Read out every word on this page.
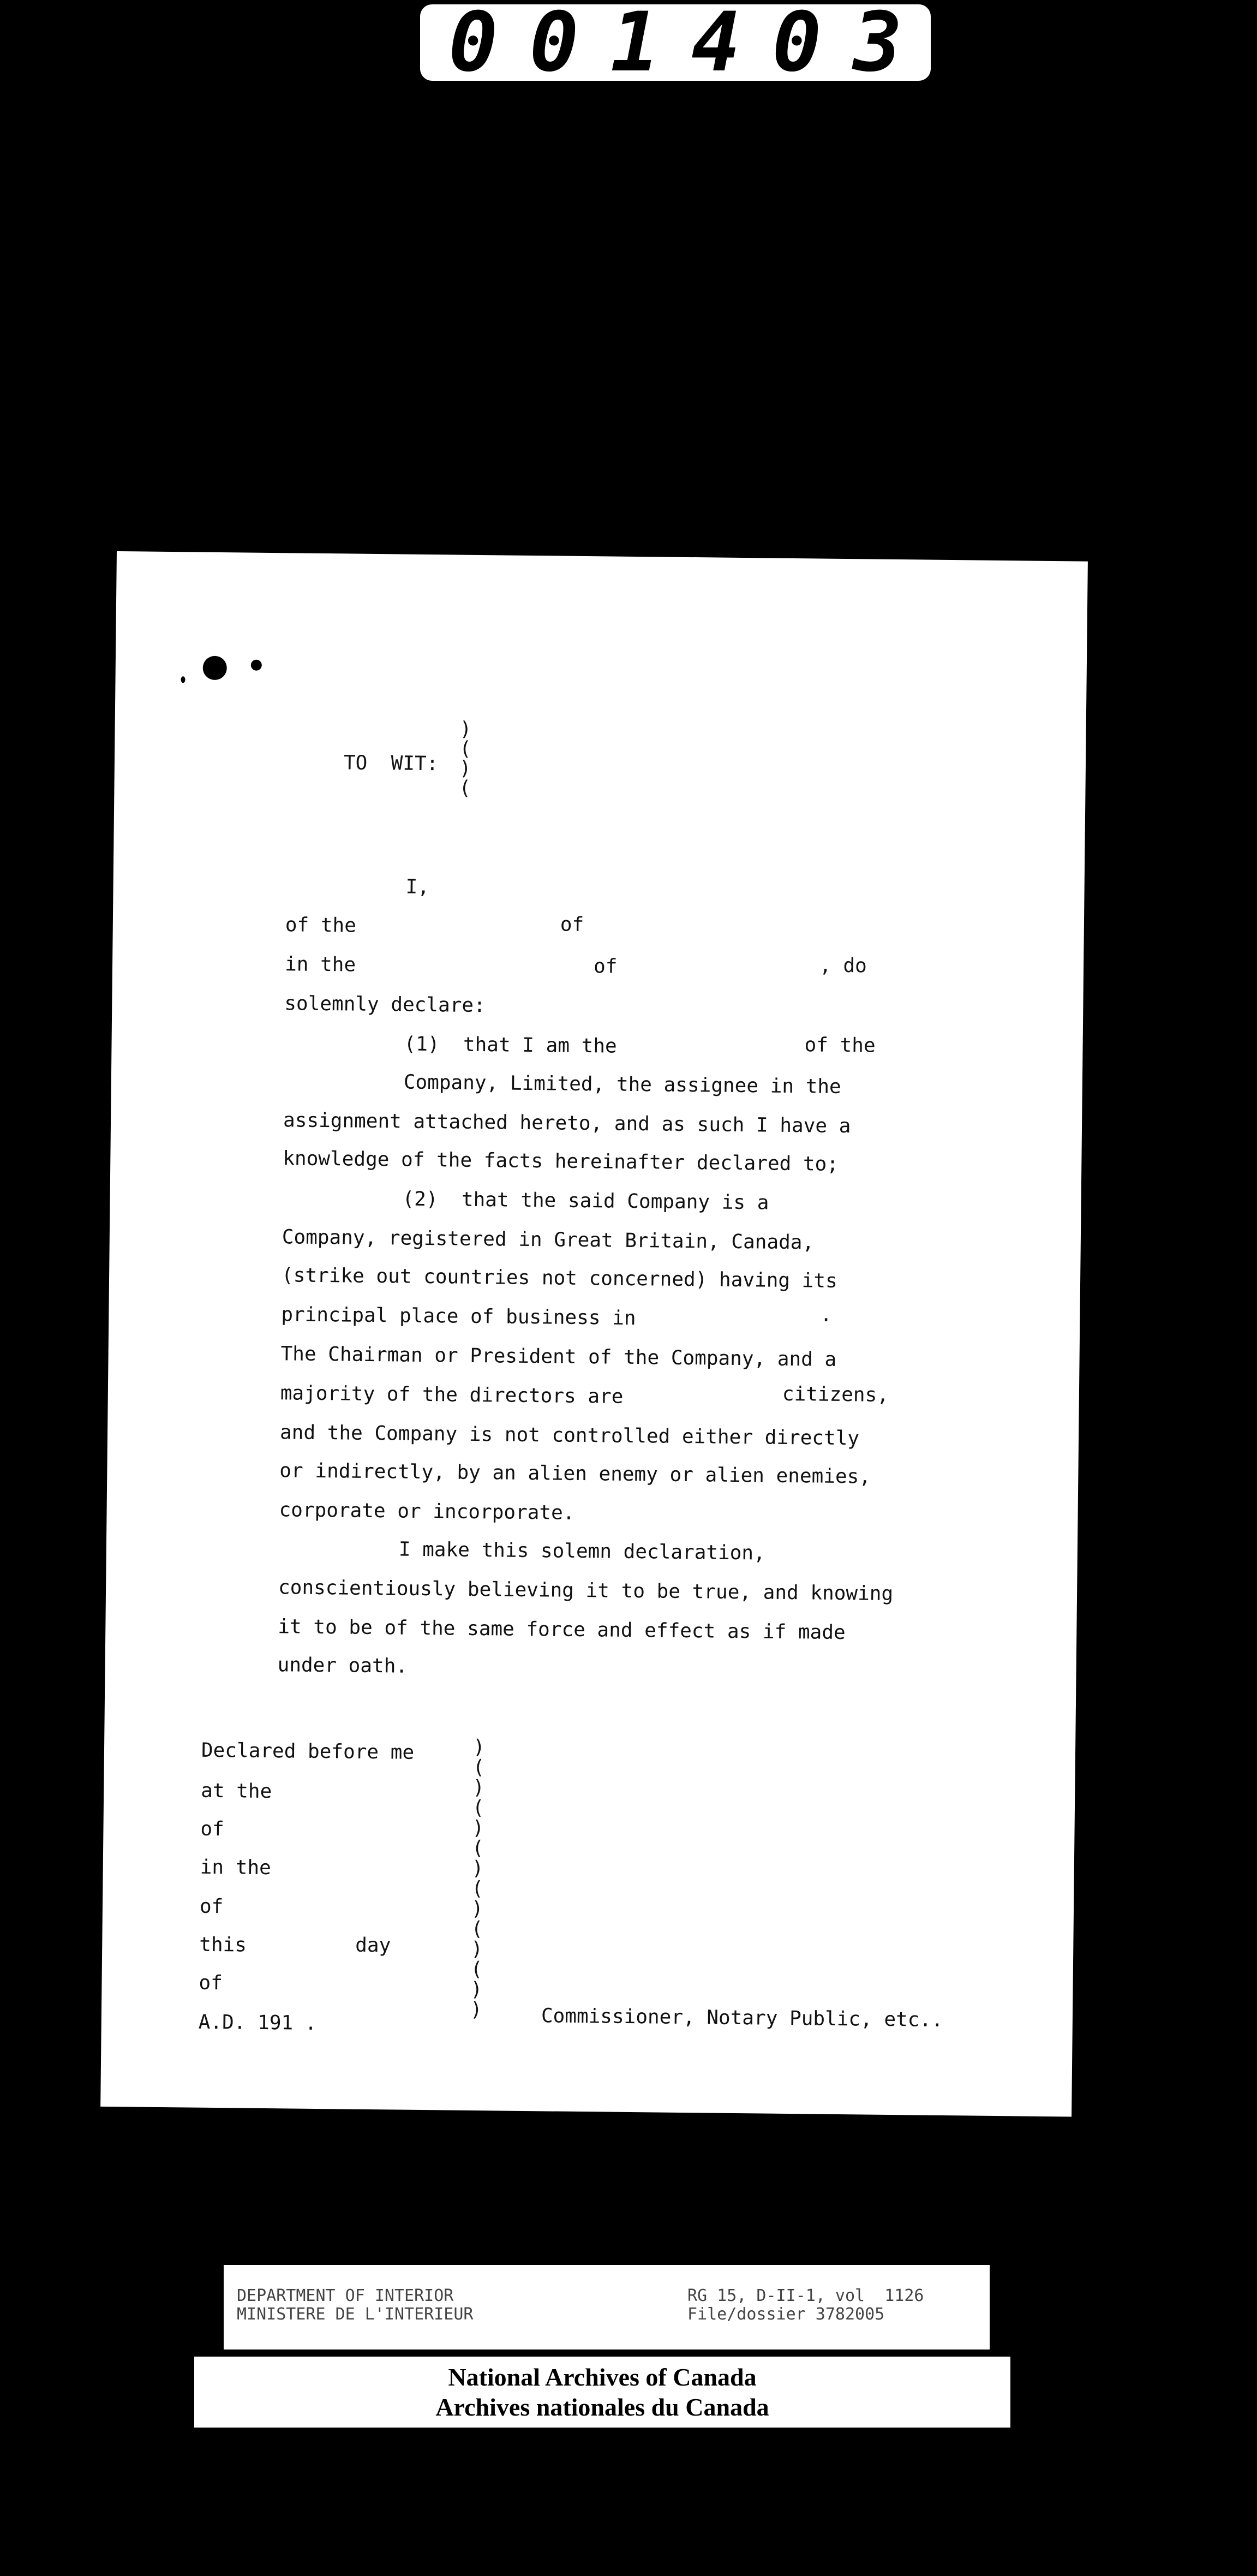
001403
TO  WIT:
)
(
)
(
I,
of the	of
in the	of	, do
solemnly declare:
(1)  that I am the	of the
Company, Limited, the assignee in the
assignment attached hereto, and as such I have a
knowledge of the facts hereinafter declared to;
(2)  that the said Company is a
Company, registered in Great Britain, Canada,
(strike out countries not concerned) having its
principal place of business in	.
The Chairman or President of the Company, and a
majority of the directors are	citizens,
and the Company is not controlled either directly
or indirectly, by an alien enemy or alien enemies,
corporate or incorporate.
I make this solemn declaration,
conscientiously believing it to be true, and knowing
it to be of the same force and effect as if made
under oath.
Declared before me
at the
of
in the
of
this	day
of
A.D. 191 .
)
(
)
(
)
(
)
(
)
(
)
(
)
)	Commissioner, Notary Public, etc..
DEPARTMENT OF INTERIOR
MINISTERE DE L'INTERIEUR
RG 15, D-II-1, vol  1126
File/dossier 3782005
National Archives of Canada
Archives nationales du Canada
